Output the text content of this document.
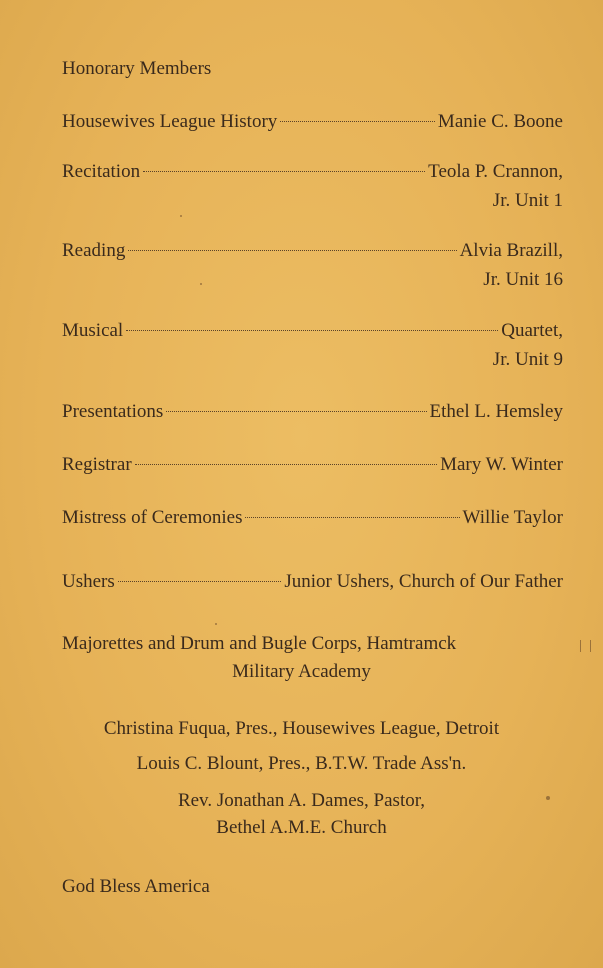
Honorary Members
Housewives League History	Manie C. Boone
Recitation	Teola P. Crannon,
Jr. Unit 1
Reading	Alvia Brazill,
Jr. Unit 16
Musical	Quartet,
Jr. Unit 9
Presentations	Ethel L. Hemsley
Registrar	Mary W. Winter
Mistress of Ceremonies	Willie Taylor
Ushers	Junior Ushers, Church of Our Father
Majorettes and Drum and Bugle Corps, Hamtramck
Military Academy
Christina Fuqua, Pres., Housewives League, Detroit
Louis C. Blount, Pres., B.T.W. Trade Ass'n.
Rev. Jonathan A. Dames, Pastor,
Bethel A.M.E. Church
God Bless America
